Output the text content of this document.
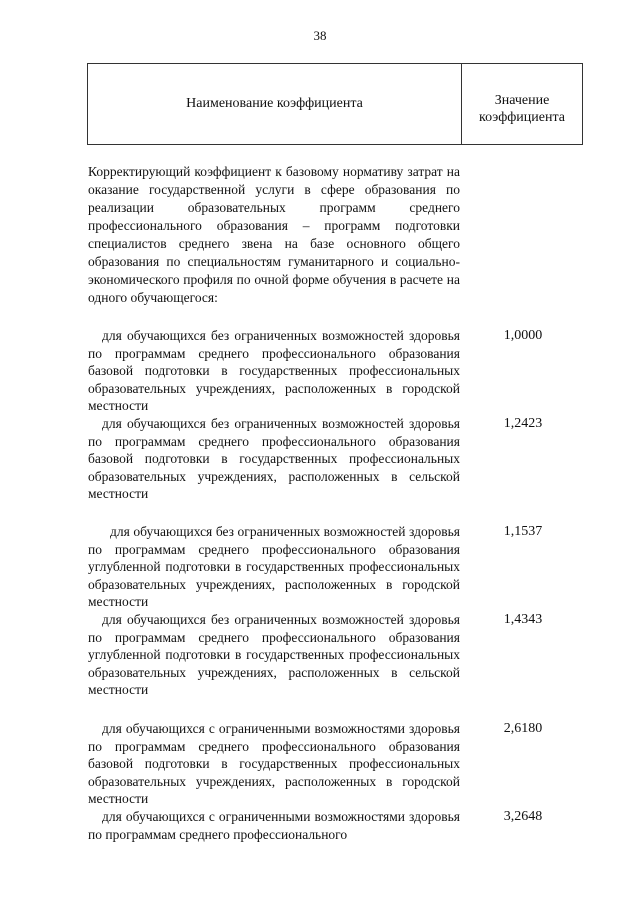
38
Наименование коэффициента	Значение
коэффициента
Корректирующий коэффициент к базовому нормативу затрат на оказание государственной услуги в сфере образования по реализации образовательных программ среднего профессионального образования – программ подготовки специалистов среднего звена на базе основного общего образования по специальностям гуманитарного и социально-экономического профиля по очной форме обучения в расчете на одного обучающегося:
для обучающихся без ограниченных возможностей здоровья по программам среднего профессионального образования базовой подготовки в государственных профессиональных образовательных учреждениях, расположенных в городской местности
1,0000
для обучающихся без ограниченных возможностей здоровья по программам среднего профессионального образования базовой подготовки в государственных профессиональных образовательных учреждениях, расположенных в сельской местности
1,2423
для обучающихся без ограниченных возможностей здоровья по программам среднего профессионального образования углубленной подготовки в государственных профессиональных образовательных учреждениях, расположенных в городской местности
1,1537
для обучающихся без ограниченных возможностей здоровья по программам среднего профессионального образования углубленной подготовки в государственных профессиональных образовательных учреждениях, расположенных в сельской местности
1,4343
для обучающихся с ограниченными возможностями здоровья по программам среднего профессионального образования базовой подготовки в государственных профессиональных образовательных учреждениях, расположенных в городской местности
2,6180
для обучающихся с ограниченными возможностями здоровья по программам среднего профессионального
3,2648
